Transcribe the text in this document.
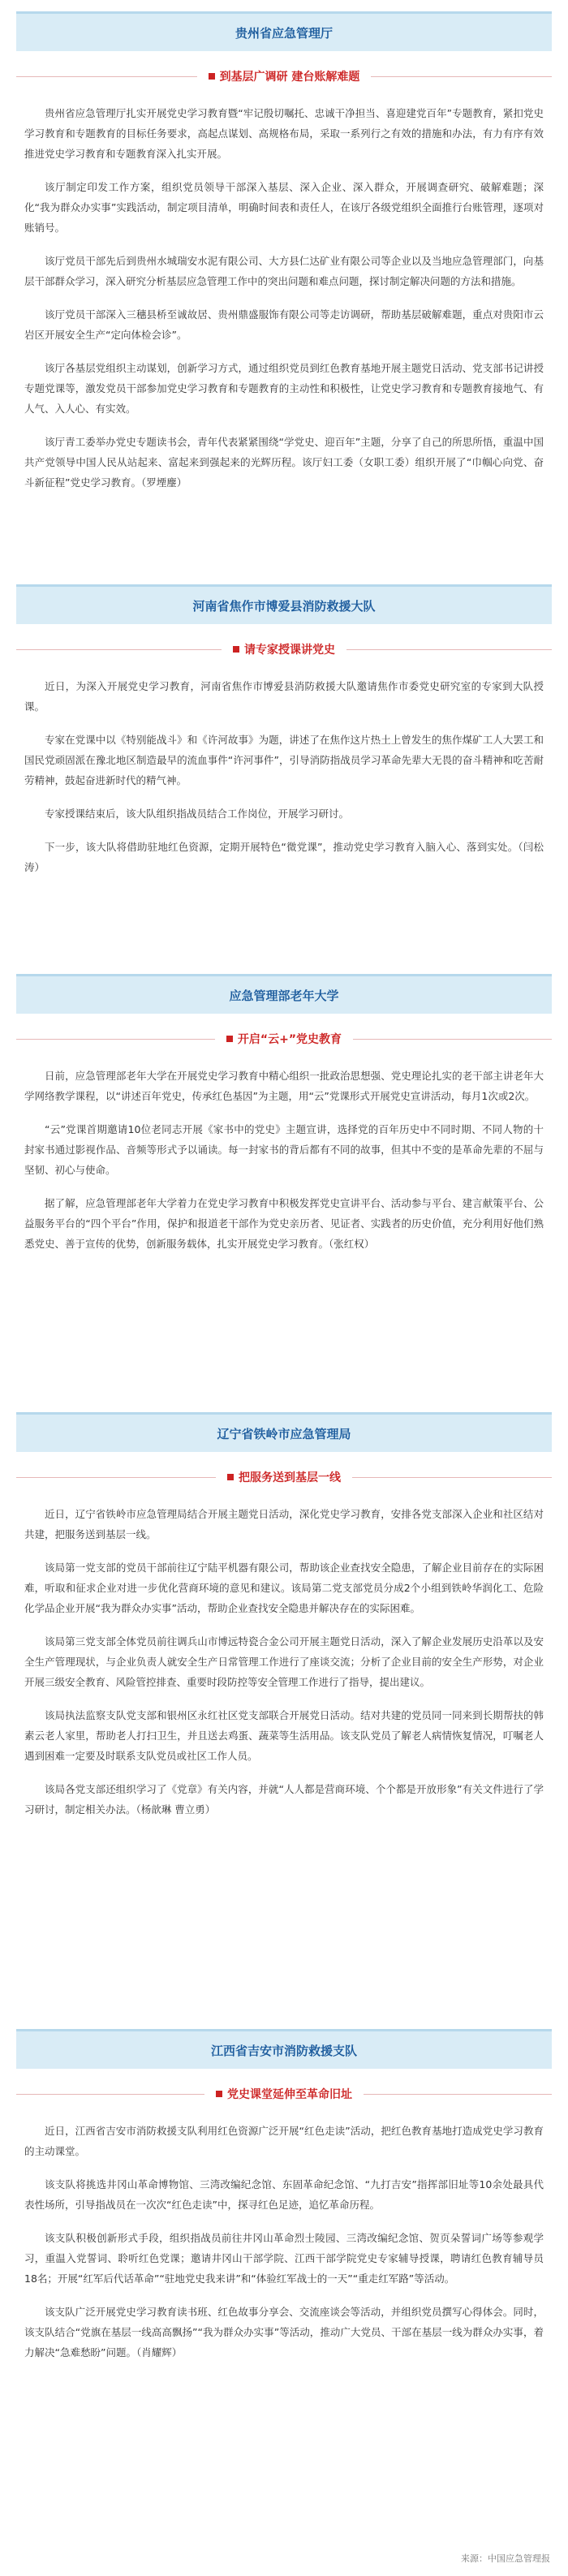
贵州省应急管理厅
到基层广调研 建台账解难题

贵州省应急管理厅扎实开展党史学习教育暨“牢记殷切嘱托、忠诚干净担当、喜迎建党百年”专题教育，紧扣党史学习教育和专题教育的目标任务要求，高起点谋划、高规格布局，采取一系列行之有效的措施和办法，有力有序有效推进党史学习教育和专题教育深入扎实开展。

该厅制定印发工作方案，组织党员领导干部深入基层、深入企业、深入群众，开展调查研究、破解难题；深化“我为群众办实事”实践活动，制定项目清单，明确时间表和责任人，在该厅各级党组织全面推行台账管理，逐项对账销号。

该厅党员干部先后到贵州水城瑞安水泥有限公司、大方县仁达矿业有限公司等企业以及当地应急管理部门，向基层干部群众学习，深入研究分析基层应急管理工作中的突出问题和难点问题，探讨制定解决问题的方法和措施。

该厅党员干部深入三穗县桥至诚故居、贵州鼎盛服饰有限公司等走访调研，帮助基层破解难题，重点对贵阳市云岩区开展安全生产“定向体检会诊”。

该厅各基层党组织主动谋划，创新学习方式，通过组织党员到红色教育基地开展主题党日活动、党支部书记讲授专题党课等，激发党员干部参加党史学习教育和专题教育的主动性和积极性，让党史学习教育和专题教育接地气、有人气、入人心、有实效。

该厅青工委举办党史专题读书会，青年代表紧紧围绕“学党史、迎百年”主题，分享了自己的所思所悟，重温中国共产党领导中国人民从站起来、富起来到强起来的光辉历程。该厅妇工委（女职工委）组织开展了“巾帼心向党、奋斗新征程”党史学习教育。（罗堙麈）

河南省焦作市博爱县消防救援大队
请专家授课讲党史

近日，为深入开展党史学习教育，河南省焦作市博爱县消防救援大队邀请焦作市委党史研究室的专家到大队授课。

专家在党课中以《特别能战斗》和《许河故事》为题，讲述了在焦作这片热土上曾发生的焦作煤矿工人大罢工和国民党顽固派在豫北地区制造最早的流血事件“许河事件”，引导消防指战员学习革命先辈大无畏的奋斗精神和吃苦耐劳精神，鼓起奋进新时代的精气神。

专家授课结束后，该大队组织指战员结合工作岗位，开展学习研讨。

下一步，该大队将借助驻地红色资源，定期开展特色“微党课”，推动党史学习教育入脑入心、落到实处。（闫松涛）

应急管理部老年大学
开启“云+”党史教育

日前，应急管理部老年大学在开展党史学习教育中精心组织一批政治思想强、党史理论扎实的老干部主讲老年大学网络教学课程，以“讲述百年党史，传承红色基因”为主题，用“云”党课形式开展党史宣讲活动，每月1次或2次。

“云”党课首期邀请10位老同志开展《家书中的党史》主题宣讲，选择党的百年历史中不同时期、不同人物的十封家书通过影视作品、音频等形式予以诵读。每一封家书的背后都有不同的故事，但其中不变的是革命先辈的不屈与坚韧、初心与使命。

据了解，应急管理部老年大学着力在党史学习教育中积极发挥党史宣讲平台、活动参与平台、建言献策平台、公益服务平台的“四个平台”作用，保护和报道老干部作为党史亲历者、见证者、实践者的历史价值，充分利用好他们熟悉党史、善于宣传的优势，创新服务载体，扎实开展党史学习教育。（张红权）

辽宁省铁岭市应急管理局
把服务送到基层一线

近日，辽宁省铁岭市应急管理局结合开展主题党日活动，深化党史学习教育，安排各党支部深入企业和社区结对共建，把服务送到基层一线。

该局第一党支部的党员干部前往辽宁陆平机器有限公司，帮助该企业查找安全隐患，了解企业目前存在的实际困难，听取和征求企业对进一步优化营商环境的意见和建议。该局第二党支部党员分成2个小组到铁岭华润化工、危险化学品企业开展“我为群众办实事”活动，帮助企业查找安全隐患并解决存在的实际困难。

该局第三党支部全体党员前往调兵山市博远特瓷合金公司开展主题党日活动，深入了解企业发展历史沿革以及安全生产管理现状，与企业负责人就安全生产日常管理工作进行了座谈交流；分析了企业目前的安全生产形势，对企业开展三级安全教育、风险管控排查、重要时段防控等安全管理工作进行了指导，提出建议。

该局执法监察支队党支部和银州区永红社区党支部联合开展党日活动。结对共建的党员同一同来到长期帮扶的韩素云老人家里，帮助老人打扫卫生，并且送去鸡蛋、蔬菜等生活用品。该支队党员了解老人病情恢复情况，叮嘱老人遇到困难一定要及时联系支队党员或社区工作人员。

该局各党支部还组织学习了《党章》有关内容，并就“人人都是营商环境、个个都是开放形象”有关文件进行了学习研讨，制定相关办法。（杨歆琳 曹立勇）

江西省吉安市消防救援支队
党史课堂延伸至革命旧址

近日，江西省吉安市消防救援支队利用红色资源广泛开展“红色走读”活动，把红色教育基地打造成党史学习教育的主动课堂。

该支队将挑选井冈山革命博物馆、三湾改编纪念馆、东固革命纪念馆、“九打吉安”指挥部旧址等10余处最具代表性场所，引导指战员在一次次“红色走读”中，探寻红色足迹，追忆革命历程。

该支队积极创新形式手段，组织指战员前往井冈山革命烈士陵园、三湾改编纪念馆、贺页朵誓词广场等参观学习，重温入党誓词、聆听红色党课；邀请井冈山干部学院、江西干部学院党史专家辅导授课，聘请红色教育辅导员18名；开展“红军后代话革命”“驻地党史我来讲”和“体验红军战士的一天”“重走红军路”等活动。

该支队广泛开展党史学习教育读书班、红色故事分享会、交流座谈会等活动，并组织党员撰写心得体会。同时，该支队结合“党旗在基层一线高高飘扬”“我为群众办实事”等活动，推动广大党员、干部在基层一线为群众办实事，着力解决“急难愁盼”问题。（肖耀辉）

来源：中国应急管理报
